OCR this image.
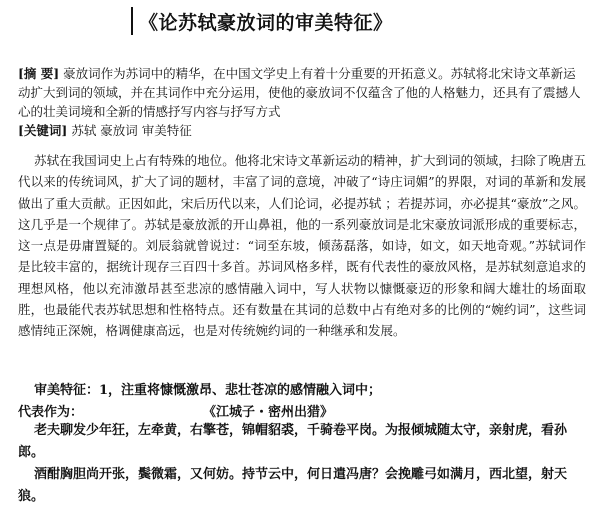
《论苏轼豪放词的审美特征》
[摘 要] 豪放词作为苏词中的精华，在中国文学史上有着十分重要的开拓意义。苏轼将北宋诗文革新运动扩大到词的领域，并在其词作中充分运用，使他的豪放词不仅蕴含了他的人格魅力，还具有了震撼人心的壮美词境和全新的情感抒写内容与抒写方式
[关键词] 苏轼 豪放词 审美特征
苏轼在我国词史上占有特殊的地位。他将北宋诗文革新运动的精神，扩大到词的领域，扫除了晚唐五代以来的传统词风，扩大了词的题材，丰富了词的意境，冲破了“诗庄词媚”的界限，对词的革新和发展做出了重大贡献。正因如此，宋后历代以来，人们论词，必提苏轼 ；若提苏词，亦必提其“豪放”之风。这几乎是一个规律了。苏轼是豪放派的开山鼻祖，他的一系列豪放词是北宋豪放词派形成的重要标志，这一点是毋庸置疑的。刘辰翁就曾说过：“词至东坡，倾荡磊落，如诗，如文，如天地奇观。”苏轼词作是比较丰富的，据统计现存三百四十多首。苏词风格多样，既有代表性的豪放风格，是苏轼刻意追求的理想风格，他以充沛激昂甚至悲凉的感情融入词中，写人状物以慷慨豪迈的形象和阔大雄壮的场面取胜，也最能代表苏轼思想和性格特点。还有数量在其词的总数中占有绝对多的比例的“婉约词”，这些词感情纯正深婉，格调健康高远，也是对传统婉约词的一种继承和发展。
审美特征：1，注重将慷慨激昂、悲壮苍凉的感情融入词中；
代表作为：	《江城子・密州出猎》
老夫聊发少年狂，左牵黄，右擎苍，锦帽貂裘，千骑卷平岗。为报倾城随太守，亲射虎，看孙郎。
酒酣胸胆尚开张，鬓微霜，又何妨。持节云中，何日遣冯唐？会挽雕弓如满月，西北望，射天狼。
